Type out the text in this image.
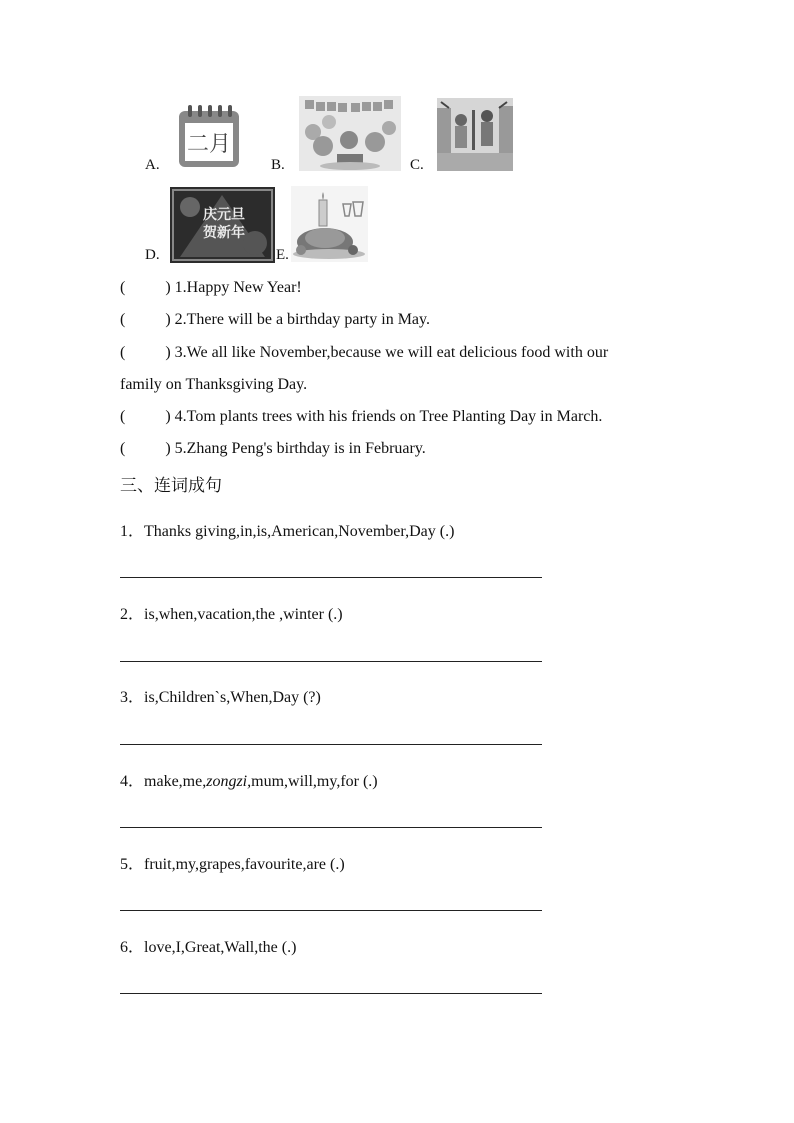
A.
二月
B.	C.
D.
庆元旦
贺新年
E.
(	) 1.Happy New Year!
(	) 2.There will be a birthday party in May.
(	) 3.We all like November,because we will eat delicious food with our
family on Thanksgiving Day.
(	) 4.Tom plants trees with his friends on Tree Planting Day in March.
(	) 5.Zhang Peng's birthday is in February.
三、连词成句
1．Thanks giving,in,is,American,November,Day (.)
2．is,when,vacation,the ,winter (.)
3．is,Children`s,When,Day (?)
4．make,me,zongzi,mum,will,my,for (.)
5．fruit,my,grapes,favourite,are (.)
6．love,I,Great,Wall,the (.)
